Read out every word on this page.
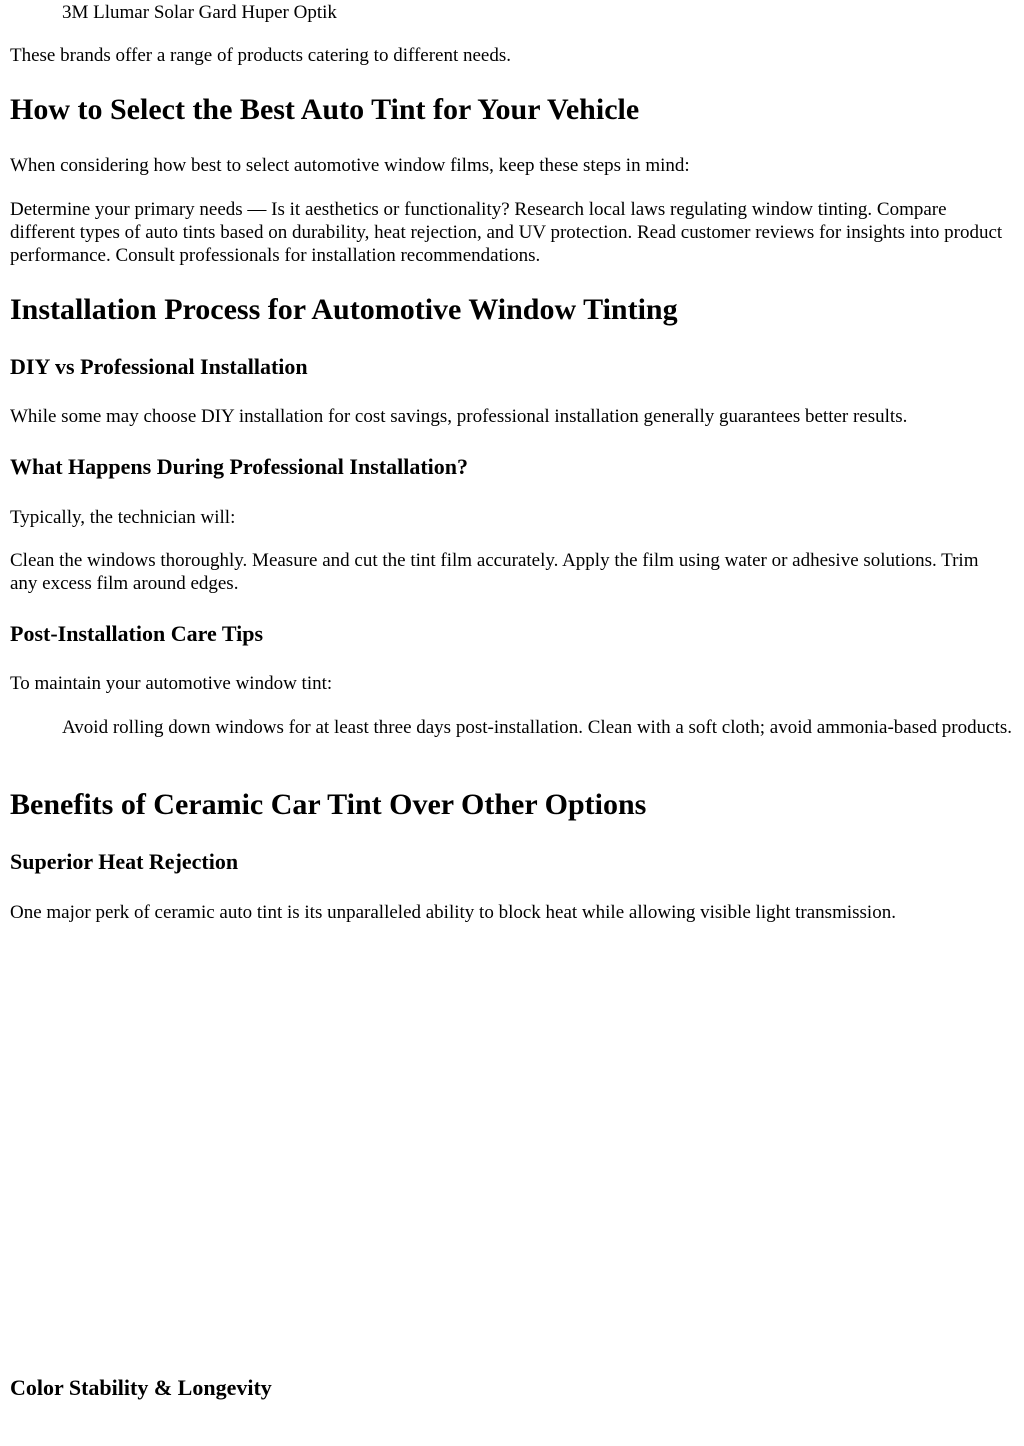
3M Llumar Solar Gard Huper Optik

These brands offer a range of products catering to different needs.

How to Select the Best Auto Tint for Your Vehicle

When considering how best to select automotive window films, keep these steps in mind:

Determine your primary needs — Is it aesthetics or functionality? Research local laws regulating window tinting. Compare different types of auto tints based on durability, heat rejection, and UV protection. Read customer reviews for insights into product performance. Consult professionals for installation recommendations.

Installation Process for Automotive Window Tinting
DIY vs Professional Installation

While some may choose DIY installation for cost savings, professional installation generally guarantees better results.

What Happens During Professional Installation?

Typically, the technician will:

Clean the windows thoroughly. Measure and cut the tint film accurately. Apply the film using water or adhesive solutions. Trim any excess film around edges.

Post-Installation Care Tips

To maintain your automotive window tint:

Avoid rolling down windows for at least three days post-installation. Clean with a soft cloth; avoid ammonia-based products.

Benefits of Ceramic Car Tint Over Other Options
Superior Heat Rejection

One major perk of ceramic auto tint is its unparalleled ability to block heat while allowing visible light transmission.

Color Stability & Longevity
